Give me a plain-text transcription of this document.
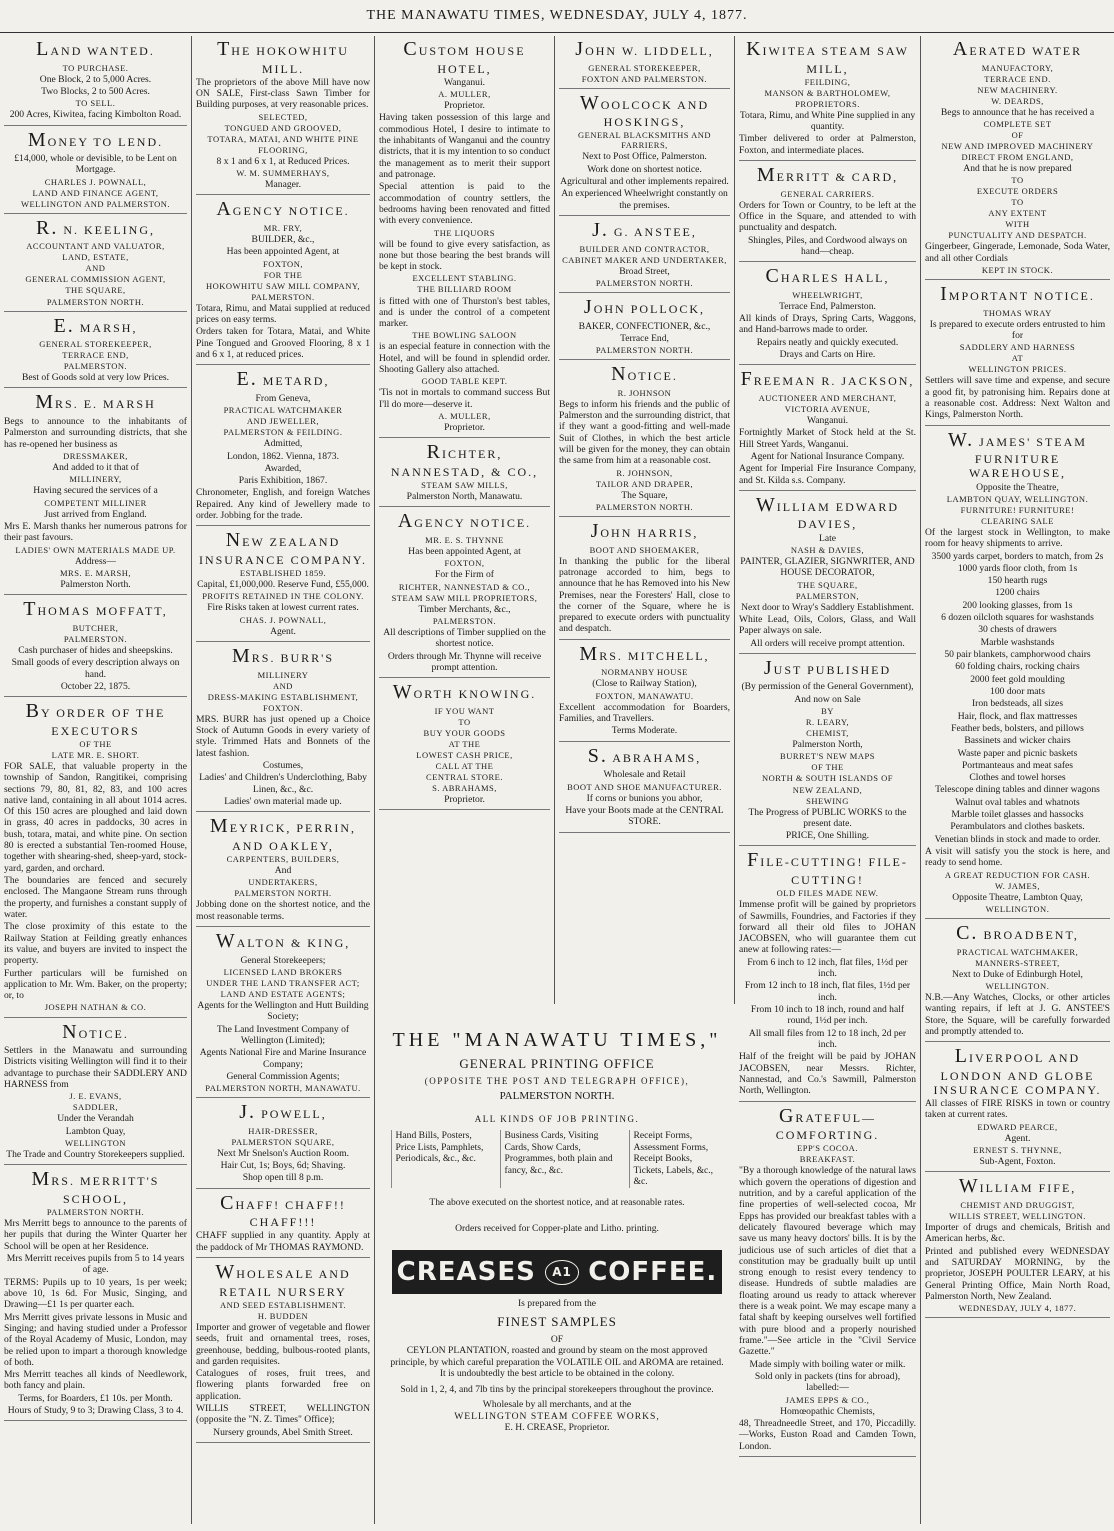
THE MANAWATU TIMES, WEDNESDAY, JULY 4, 1877.
LAND WANTED.

TO PURCHASE.

One Block, 2 to 5,000 Acres.

Two Blocks, 2 to 500 Acres.

TO SELL.

200 Acres, Kiwitea, facing Kimbolton Road.

MONEY TO LEND.

£14,000, whole or devisible, to be Lent on Mortgage.

CHARLES J. POWNALL,

LAND AND FINANCE AGENT,

WELLINGTON AND PALMERSTON.

R. N. KEELING,

ACCOUNTANT AND VALUATOR,

LAND, ESTATE,

AND

GENERAL COMMISSION AGENT,

THE SQUARE,

PALMERSTON NORTH.

E. MARSH,

GENERAL STOREKEEPER,

TERRACE END,

PALMERSTON.

Best of Goods sold at very low Prices.

MRS. E. MARSH

Begs to announce to the inhabitants of Palmerston and surrounding districts, that she has re-opened her business as

DRESSMAKER,

And added to it that of

MILLINERY,

Having secured the services of a

COMPETENT MILLINER

Just arrived from England.

Mrs E. Marsh thanks her numerous patrons for their past favours.

LADIES' OWN MATERIALS MADE UP.

Address—

MRS. E. MARSH,

Palmerston North.

THOMAS MOFFATT,

BUTCHER,

PALMERSTON.

Cash purchaser of hides and sheepskins.

Small goods of every description always on hand.

October 22, 1875.

BY ORDER OF THE EXECUTORS

OF THE

LATE MR. E. SHORT.

FOR SALE, that valuable property in the township of Sandon, Rangitikei, comprising sections 79, 80, 81, 82, 83, and 100 acres native land, containing in all about 1014 acres. Of this 150 acres are ploughed and laid down in grass, 40 acres in paddocks, 30 acres in bush, totara, matai, and white pine. On section 80 is erected a substantial Ten-roomed House, together with shearing-shed, sheep-yard, stock-yard, garden, and orchard.

The boundaries are fenced and securely enclosed. The Mangaone Stream runs through the property, and furnishes a constant supply of water.

The close proximity of this estate to the Railway Station at Feilding greatly enhances its value, and buyers are invited to inspect the property.

Further particulars will be furnished on application to Mr. Wm. Baker, on the property; or, to

JOSEPH NATHAN & CO.

NOTICE.

Settlers in the Manawatu and surrounding Districts visiting Wellington will find it to their advantage to purchase their SADDLERY AND HARNESS from

J. E. EVANS,

SADDLER,

Under the Verandah

Lambton Quay,

WELLINGTON

The Trade and Country Storekeepers supplied.

MRS. MERRITT'S SCHOOL,

PALMERSTON NORTH.

Mrs Merritt begs to announce to the parents of her pupils that during the Winter Quarter her School will be open at her Residence.

Mrs Merritt receives pupils from 5 to 14 years of age.

TERMS: Pupils up to 10 years, 1s per week; above 10, 1s 6d. For Music, Singing, and Drawing—£1 1s per quarter each.

Mrs Merritt gives private lessons in Music and Singing; and having studied under a Professor of the Royal Academy of Music, London, may be relied upon to impart a thorough knowledge of both.

Mrs Merritt teaches all kinds of Needlework, both fancy and plain.

Terms, for Boarders, £1 10s. per Month.

Hours of Study, 9 to 3; Drawing Class, 3 to 4.

THE HOKOWHITU MILL.

The proprietors of the above Mill have now ON SALE, First-class Sawn Timber for Building purposes, at very reasonable prices.

SELECTED,

TONGUED AND GROOVED,

TOTARA, MATAI, AND WHITE PINE

FLOORING,

8 x 1 and 6 x 1, at Reduced Prices.

W. M. SUMMERHAYS,

Manager.

AGENCY NOTICE.

MR. FRY,

BUILDER, &c.,

Has been appointed Agent, at

FOXTON,

FOR THE

HOKOWHITU SAW MILL COMPANY,

PALMERSTON.

Totara, Rimu, and Matai supplied at reduced prices on easy terms.

Orders taken for Totara, Matai, and White Pine Tongued and Grooved Flooring, 8 x 1 and 6 x 1, at reduced prices.

E. METARD,

From Geneva,

PRACTICAL WATCHMAKER

AND JEWELLER,

PALMERSTON & FEILDING.

Admitted,

London, 1862. Vienna, 1873.

Awarded,

Paris Exhibition, 1867.

Chronometer, English, and foreign Watches Repaired. Any kind of Jewellery made to order. Jobbing for the trade.

NEW ZEALAND INSURANCE COMPANY.

ESTABLISHED 1859.

Capital, £1,000,000. Reserve Fund, £55,000.

PROFITS RETAINED IN THE COLONY.

Fire Risks taken at lowest current rates.

CHAS. J. POWNALL,

Agent.

MRS. BURR'S

MILLINERY

AND

DRESS-MAKING ESTABLISHMENT,

FOXTON.

MRS. BURR has just opened up a Choice Stock of Autumn Goods in every variety of style. Trimmed Hats and Bonnets of the latest fashion.

Costumes,

Ladies' and Children's Underclothing, Baby Linen, &c., &c.

Ladies' own material made up.

MEYRICK, PERRIN, AND OAKLEY,

CARPENTERS, BUILDERS,

And

UNDERTAKERS,

PALMERSTON NORTH.

Jobbing done on the shortest notice, and the most reasonable terms.

WALTON & KING,

General Storekeepers;

LICENSED LAND BROKERS

UNDER THE LAND TRANSFER ACT;

LAND AND ESTATE AGENTS;

Agents for the Wellington and Hutt Building Society;

The Land Investment Company of Wellington (Limited);

Agents National Fire and Marine Insurance Company;

General Commission Agents;

PALMERSTON NORTH, MANAWATU.

J. POWELL,

HAIR-DRESSER,

PALMERSTON SQUARE,

Next Mr Snelson's Auction Room.

Hair Cut, 1s; Boys, 6d; Shaving.

Shop open till 8 p.m.

CHAFF! CHAFF!! CHAFF!!!

CHAFF supplied in any quantity. Apply at the paddock of Mr THOMAS RAYMOND.

WHOLESALE AND RETAIL NURSERY

AND SEED ESTABLISHMENT.

H. BUDDEN

Importer and grower of vegetable and flower seeds, fruit and ornamental trees, roses, greenhouse, bedding, bulbous-rooted plants, and garden requisites.

Catalogues of roses, fruit trees, and flowering plants forwarded free on application.

WILLIS STREET, WELLINGTON (opposite the "N. Z. Times" Office);

Nursery grounds, Abel Smith Street.

CUSTOM HOUSE HOTEL,

Wanganui.

A. MULLER,

Proprietor.

Having taken possession of this large and commodious Hotel, I desire to intimate to the inhabitants of Wanganui and the country districts, that it is my intention to so conduct the management as to merit their support and patronage.

Special attention is paid to the accommodation of country settlers, the bedrooms having been renovated and fitted with every convenience.

THE LIQUORS

will be found to give every satisfaction, as none but those bearing the best brands will be kept in stock.

EXCELLENT STABLING.

THE BILLIARD ROOM

is fitted with one of Thurston's best tables, and is under the control of a competent marker.

THE BOWLING SALOON

is an especial feature in connection with the Hotel, and will be found in splendid order. Shooting Gallery also attached.

GOOD TABLE KEPT.

'Tis not in mortals to command success But I'll do more—deserve it.

A. MULLER,

Proprietor.

RICHTER, NANNESTAD, & CO.,

STEAM SAW MILLS,

Palmerston North, Manawatu.

AGENCY NOTICE.

MR. E. S. THYNNE

Has been appointed Agent, at

FOXTON,

For the Firm of

RICHTER, NANNESTAD & CO.,

STEAM SAW MILL PROPRIETORS,

Timber Merchants, &c.,

PALMERSTON.

All descriptions of Timber supplied on the shortest notice.

Orders through Mr. Thynne will receive prompt attention.

WORTH KNOWING.

IF YOU WANT

TO

BUY YOUR GOODS

AT THE

LOWEST CASH PRICE,

CALL AT THE

CENTRAL STORE.

S. ABRAHAMS,

Proprietor.

JOHN W. LIDDELL,

GENERAL STOREKEEPER,

FOXTON AND PALMERSTON.

WOOLCOCK AND HOSKINGS,

GENERAL BLACKSMITHS AND FARRIERS,

Next to Post Office, Palmerston.

Work done on shortest notice.

Agricultural and other implements repaired.

An experienced Wheelwright constantly on the premises.

J. G. ANSTEE,

BUILDER AND CONTRACTOR,

CABINET MAKER AND UNDERTAKER,

Broad Street,

PALMERSTON NORTH.

JOHN POLLOCK,

BAKER, CONFECTIONER, &c.,

Terrace End,

PALMERSTON NORTH.

NOTICE.

R. JOHNSON

Begs to inform his friends and the public of Palmerston and the surrounding district, that if they want a good-fitting and well-made Suit of Clothes, in which the best article will be given for the money, they can obtain the same from him at a reasonable cost.

R. JOHNSON,

TAILOR AND DRAPER,

The Square,

PALMERSTON NORTH.

JOHN HARRIS,

BOOT AND SHOEMAKER,

In thanking the public for the liberal patronage accorded to him, begs to announce that he has Removed into his New Premises, near the Foresters' Hall, close to the corner of the Square, where he is prepared to execute orders with punctuality and despatch.

MRS. MITCHELL,

NORMANBY HOUSE

(Close to Railway Station),

FOXTON, MANAWATU.

Excellent accommodation for Boarders, Families, and Travellers.

Terms Moderate.

S. ABRAHAMS,

Wholesale and Retail

BOOT AND SHOE MANUFACTURER.

If corns or bunions you abhor,

Have your Boots made at the CENTRAL STORE.

KIWITEA STEAM SAW MILL,

FEILDING,

MANSON & BARTHOLOMEW,

PROPRIETORS.

Totara, Rimu, and White Pine supplied in any quantity.

Timber delivered to order at Palmerston, Foxton, and intermediate places.

MERRITT & CARD,

GENERAL CARRIERS.

Orders for Town or Country, to be left at the Office in the Square, and attended to with punctuality and despatch.

Shingles, Piles, and Cordwood always on hand—cheap.

CHARLES HALL,

WHEELWRIGHT,

Terrace End, Palmerston.

All kinds of Drays, Spring Carts, Waggons, and Hand-barrows made to order.

Repairs neatly and quickly executed.

Drays and Carts on Hire.

FREEMAN R. JACKSON,

AUCTIONEER AND MERCHANT,

VICTORIA AVENUE,

Wanganui.

Fortnightly Market of Stock held at the St. Hill Street Yards, Wanganui.

Agent for National Insurance Company.

Agent for Imperial Fire Insurance Company, and St. Kilda s.s. Company.

WILLIAM EDWARD DAVIES,

Late

NASH & DAVIES,

PAINTER, GLAZIER, SIGNWRITER, AND HOUSE DECORATOR,

THE SQUARE,

PALMERSTON,

Next door to Wray's Saddlery Establishment.

White Lead, Oils, Colors, Glass, and Wall Paper always on sale.

All orders will receive prompt attention.

JUST PUBLISHED

(By permission of the General Government),

And now on Sale

BY

R. LEARY,

CHEMIST,

Palmerston North,

BURRET'S NEW MAPS

OF THE

NORTH & SOUTH ISLANDS OF

NEW ZEALAND,

SHEWING

The Progress of PUBLIC WORKS to the present date.

PRICE, One Shilling.

FILE-CUTTING! FILE-CUTTING!

OLD FILES MADE NEW.

Immense profit will be gained by proprietors of Sawmills, Foundries, and Factories if they forward all their old files to JOHAN JACOBSEN, who will guarantee them cut anew at following rates:—

From 6 inch to 12 inch, flat files, 1½d per inch.

From 12 inch to 18 inch, flat files, 1½d per inch.

From 10 inch to 18 inch, round and half round, 1½d per inch.

All small files from 12 to 18 inch, 2d per inch.

Half of the freight will be paid by JOHAN JACOBSEN, near Messrs. Richter, Nannestad, and Co.'s Sawmill, Palmerston North, Wellington.

GRATEFUL—COMFORTING.

EPP'S COCOA.

BREAKFAST.

"By a thorough knowledge of the natural laws which govern the operations of digestion and nutrition, and by a careful application of the fine properties of well-selected cocoa, Mr Epps has provided our breakfast tables with a delicately flavoured beverage which may save us many heavy doctors' bills. It is by the judicious use of such articles of diet that a constitution may be gradually built up until strong enough to resist every tendency to disease. Hundreds of subtle maladies are floating around us ready to attack wherever there is a weak point. We may escape many a fatal shaft by keeping ourselves well fortified with pure blood and a properly nourished frame."—See article in the "Civil Service Gazette."

Made simply with boiling water or milk.

Sold only in packets (tins for abroad), labelled:—

JAMES EPPS & CO.,

Homœopathic Chemists,

48, Threadneedle Street, and 170, Piccadilly.—Works, Euston Road and Camden Town, London.

AERATED WATER

MANUFACTORY,

TERRACE END.

NEW MACHINERY.

W. DEARDS,

Begs to announce that he has received a

COMPLETE SET

OF

NEW AND IMPROVED MACHINERY

DIRECT FROM ENGLAND,

And that he is now prepared

TO

EXECUTE ORDERS

TO

ANY EXTENT

WITH

PUNCTUALITY AND DESPATCH.

Gingerbeer, Gingerade, Lemonade, Soda Water, and all other Cordials

KEPT IN STOCK.

IMPORTANT NOTICE.

THOMAS WRAY

Is prepared to execute orders entrusted to him for

SADDLERY AND HARNESS

AT

WELLINGTON PRICES.

Settlers will save time and expense, and secure a good fit, by patronising him. Repairs done at a reasonable cost. Address: Next Walton and Kings, Palmerston North.

W. JAMES' STEAM FURNITURE WAREHOUSE,

Opposite the Theatre,

LAMBTON QUAY, WELLINGTON.

FURNITURE! FURNITURE!

CLEARING SALE

Of the largest stock in Wellington, to make room for heavy shipments to arrive.

3500 yards carpet, borders to match, from 2s

1000 yards floor cloth, from 1s

150 hearth rugs

1200 chairs

200 looking glasses, from 1s

6 dozen oilcloth squares for washstands

30 chests of drawers

Marble washstands

50 pair blankets, camphorwood chairs

60 folding chairs, rocking chairs

2000 feet gold moulding

100 door mats

Iron bedsteads, all sizes

Hair, flock, and flax mattresses

Feather beds, bolsters, and pillows

Bassinets and wicker chairs

Waste paper and picnic baskets

Portmanteaus and meat safes

Clothes and towel horses

Telescope dining tables and dinner wagons

Walnut oval tables and whatnots

Marble toilet glasses and hassocks

Perambulators and clothes baskets.

Venetian blinds in stock and made to order.

A visit will satisfy you the stock is here, and ready to send home.

A GREAT REDUCTION FOR CASH.

W. JAMES,

Opposite Theatre, Lambton Quay,

WELLINGTON.

C. BROADBENT,

PRACTICAL WATCHMAKER,

MANNERS-STREET,

Next to Duke of Edinburgh Hotel,

WELLINGTON.

N.B.—Any Watches, Clocks, or other articles wanting repairs, if left at J. G. ANSTEE'S Store, the Square, will be carefully forwarded and promptly attended to.

LIVERPOOL AND LONDON AND GLOBE INSURANCE COMPANY.

All classes of FIRE RISKS in town or country taken at current rates.

EDWARD PEARCE,

Agent.

ERNEST S. THYNNE,

Sub-Agent, Foxton.

WILLIAM FIFE,

CHEMIST AND DRUGGIST,

WILLIS STREET, WELLINGTON.

Importer of drugs and chemicals, British and American herbs, &c.

Printed and published every WEDNESDAY and SATURDAY MORNING, by the proprietor, JOSEPH POULTER LEARY, at his General Printing Office, Main North Road, Palmerston North, New Zealand.

WEDNESDAY, JULY 4, 1877.

THE "MANAWATU TIMES,"
GENERAL PRINTING OFFICE
(OPPOSITE THE POST AND TELEGRAPH OFFICE),
PALMERSTON NORTH.
ALL KINDS OF JOB PRINTING.
Hand Bills, Posters, Price Lists, Pamphlets, Periodicals, &c., &c.
Business Cards, Visiting Cards, Show Cards, Programmes, both plain and fancy, &c., &c.
Receipt Forms, Assessment Forms, Receipt Books, Tickets, Labels, &c., &c.

The above executed on the shortest notice, and at reasonable rates.

Orders received for Copper-plate and Litho. printing.

CREASES	A1 COFFEE.
Is prepared from the
FINEST SAMPLES
OF
CEYLON PLANTATION, roasted and ground by steam on the most approved principle, by which careful preparation the VOLATILE OIL and AROMA are retained. It is undoubtedly the best article to be obtained in the colony.
Sold in 1, 2, 4, and 7lb tins by the principal storekeepers throughout the province.
Wholesale by all merchants, and at the
WELLINGTON STEAM COFFEE WORKS,
E. H. CREASE, Proprietor.
